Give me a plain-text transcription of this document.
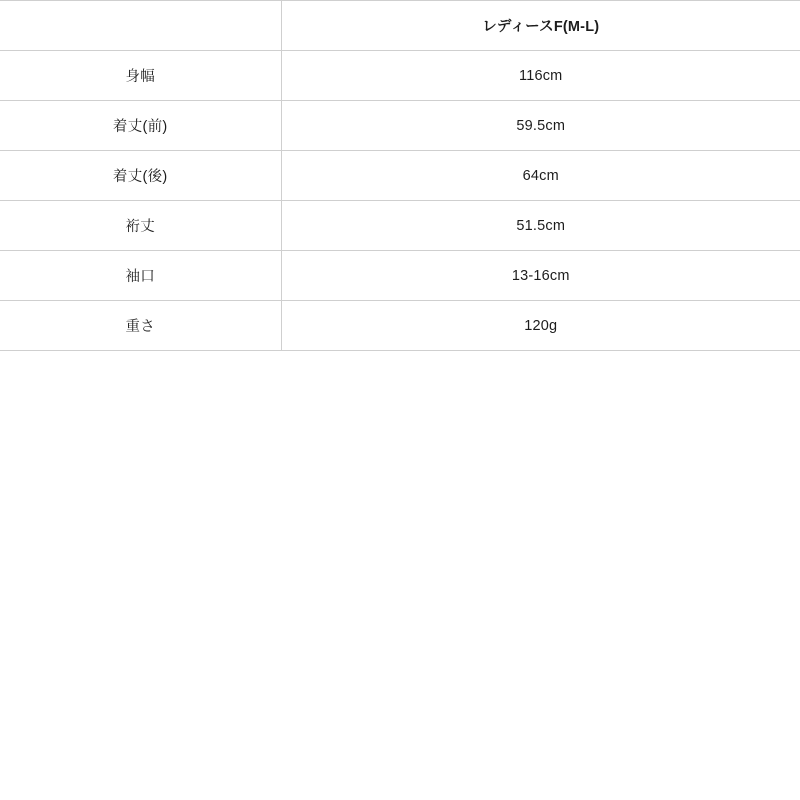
	レディースF(M-L)
身幅	116cm
着丈(前)	59.5cm
着丈(後)	64cm
裄丈	51.5cm
袖口	13-16cm
重さ	120g
